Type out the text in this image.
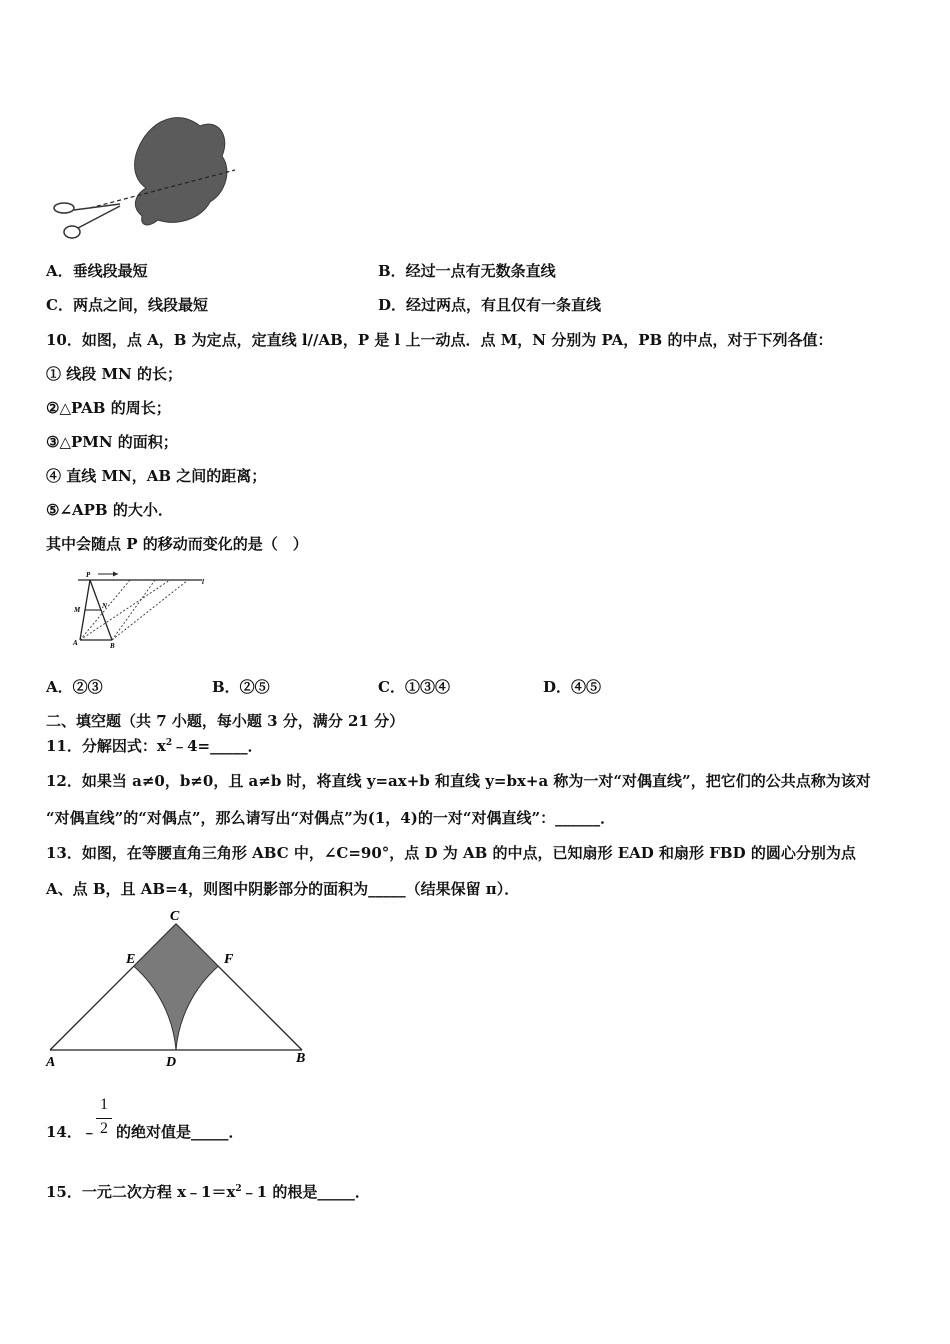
A．垂线段最短	B．经过一点有无数条直线
C．两点之间，线段最短	D．经过两点，有且仅有一条直线
10．如图，点 A，B 为定点，定直线 l//AB，P 是 l 上一动点．点 M，N 分别为 PA，PB 的中点，对于下列各值：
① 线段 MN 的长；
②△PAB 的周长；
③△PMN 的面积；
④ 直线 MN，AB 之间的距离；
⑤∠APB 的大小．
其中会随点 P 的移动而变化的是（　）
P
l
M	N
A	B
A．②③	B．②⑤	C．①③④	D．④⑤
二、填空题（共 7 小题，每小题 3 分，满分 21 分）
11．分解因式：$x^2﹣4=\_\_\_\_\_$．
12．如果当 a≠0，b≠0，且 a≠b 时，将直线 y=ax+b 和直线 y=bx+a 称为一对“对偶直线”，把它们的公共点称为该对
“对偶直线”的“对偶点”，那么请写出“对偶点”为(1，4)的一对“对偶直线”：______．
13．如图，在等腰直角三角形 ABC 中，∠C=90°，点 D 为 AB 的中点，已知扇形 EAD 和扇形 FBD 的圆心分别为点
A、点 B，且 AB=4，则图中阴影部分的面积为_____（结果保留 π）．
C
E	F
A	D	B
1
2
14．﹣ 的绝对值是_____．
15．一元二次方程 $x﹣1=x^2﹣1$ 的根是_____．
